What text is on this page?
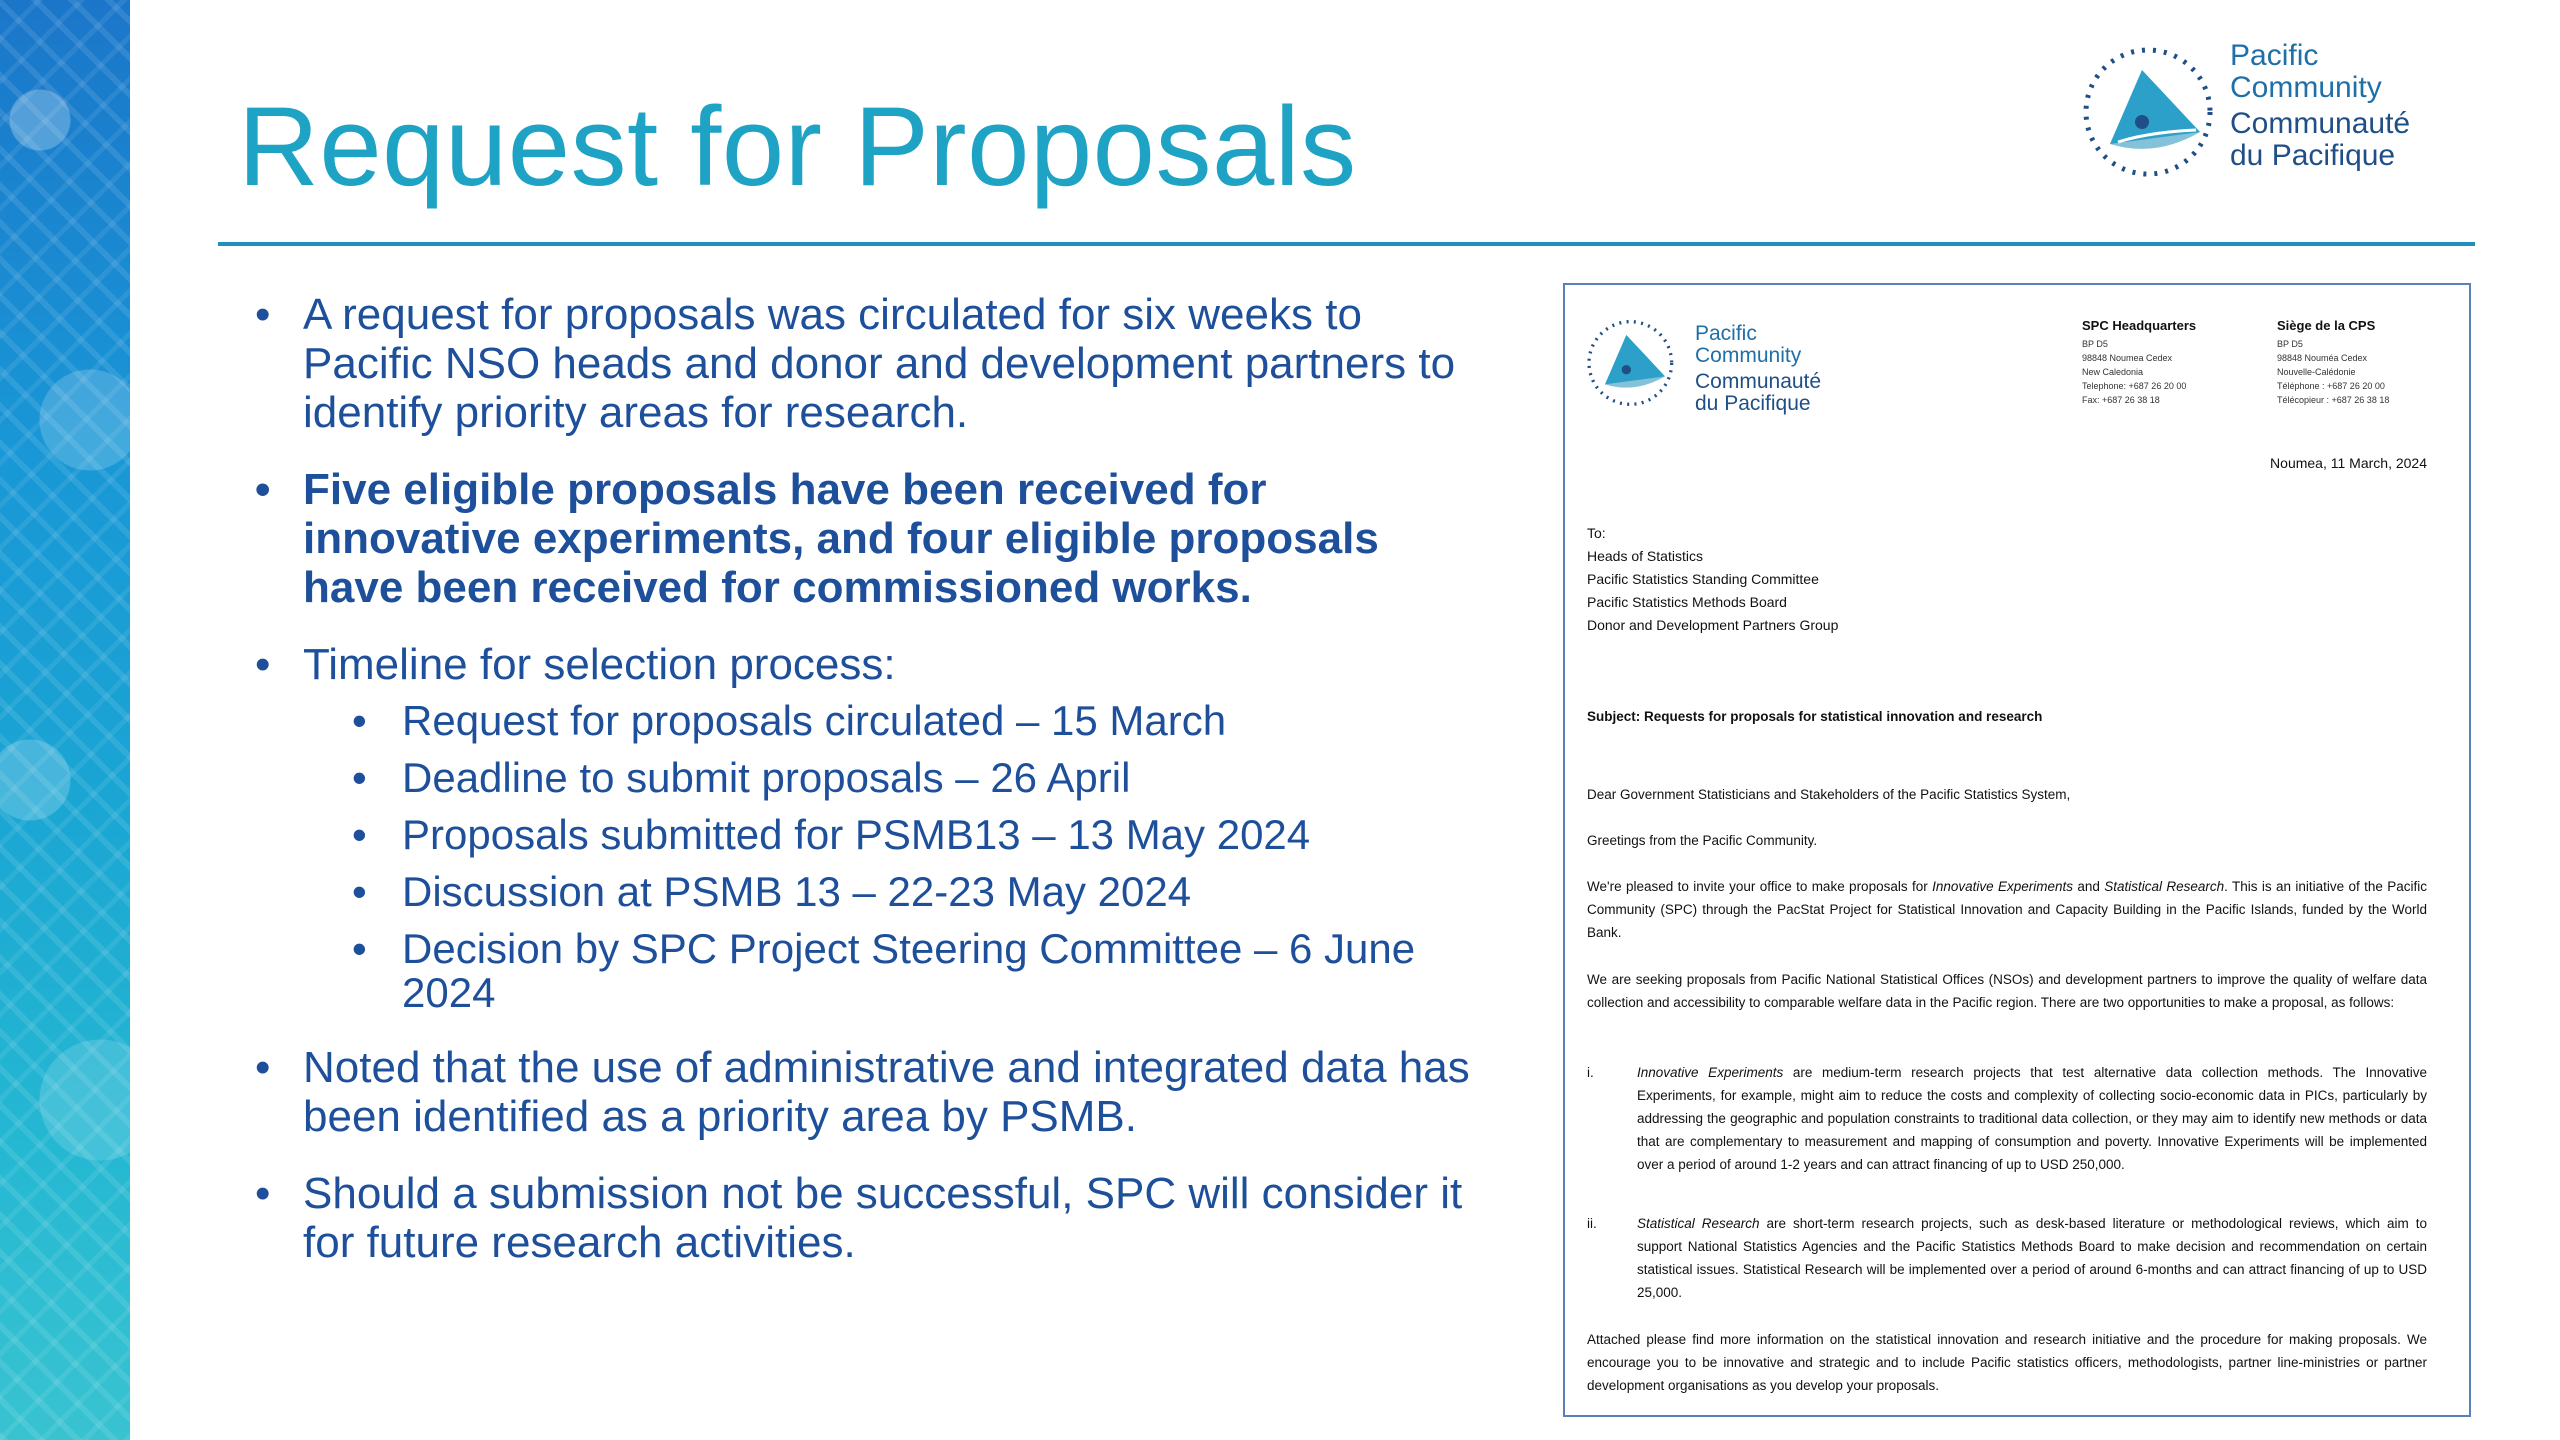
Request for Proposals
Pacific
Community
Communauté
du Pacifique
• A request for proposals was circulated for six weeks to Pacific NSO heads and donor and development partners to identify priority areas for research.
• Five eligible proposals have been received for innovative experiments, and four eligible proposals have been received for commissioned works.
• Timeline for selection process:
• Request for proposals circulated – 15 March
• Deadline to submit proposals – 26 April
• Proposals submitted for PSMB13 – 13 May 2024
• Discussion at PSMB 13 – 22-23 May 2024
• Decision by SPC Project Steering Committee – 6 June 2024
• Noted that the use of administrative and integrated data has been identified as a priority area by PSMB.
• Should a submission not be successful, SPC will consider it for future research activities.
Pacific
Community
Communauté
du Pacifique
SPC Headquarters
BP D5
98848 Noumea Cedex
New Caledonia
Telephone: +687 26 20 00
Fax: +687 26 38 18
Siège de la CPS
BP D5
98848 Nouméa Cedex
Nouvelle-Calédonie
Téléphone : +687 26 20 00
Télécopieur : +687 26 38 18
Noumea, 11 March, 2024
To:
Heads of Statistics
Pacific Statistics Standing Committee
Pacific Statistics Methods Board
Donor and Development Partners Group
Subject: Requests for proposals for statistical innovation and research
Dear Government Statisticians and Stakeholders of the Pacific Statistics System,
Greetings from the Pacific Community.
We're pleased to invite your office to make proposals for Innovative Experiments and Statistical Research. This is an initiative of the Pacific Community (SPC) through the PacStat Project for Statistical Innovation and Capacity Building in the Pacific Islands, funded by the World Bank.
We are seeking proposals from Pacific National Statistical Offices (NSOs) and development partners to improve the quality of welfare data collection and accessibility to comparable welfare data in the Pacific region. There are two opportunities to make a proposal, as follows:
i.	Innovative Experiments are medium-term research projects that test alternative data collection methods. The Innovative Experiments, for example, might aim to reduce the costs and complexity of collecting socio-economic data in PICs, particularly by addressing the geographic and population constraints to traditional data collection, or they may aim to identify new methods or data that are complementary to measurement and mapping of consumption and poverty. Innovative Experiments will be implemented over a period of around 1-2 years and can attract financing of up to USD 250,000.
ii.	Statistical Research are short-term research projects, such as desk-based literature or methodological reviews, which aim to support National Statistics Agencies and the Pacific Statistics Methods Board to make decision and recommendation on certain statistical issues. Statistical Research will be implemented over a period of around 6-months and can attract financing of up to USD 25,000.
Attached please find more information on the statistical innovation and research initiative and the procedure for making proposals. We encourage you to be innovative and strategic and to include Pacific statistics officers, methodologists, partner line-ministries or partner development organisations as you develop your proposals.
